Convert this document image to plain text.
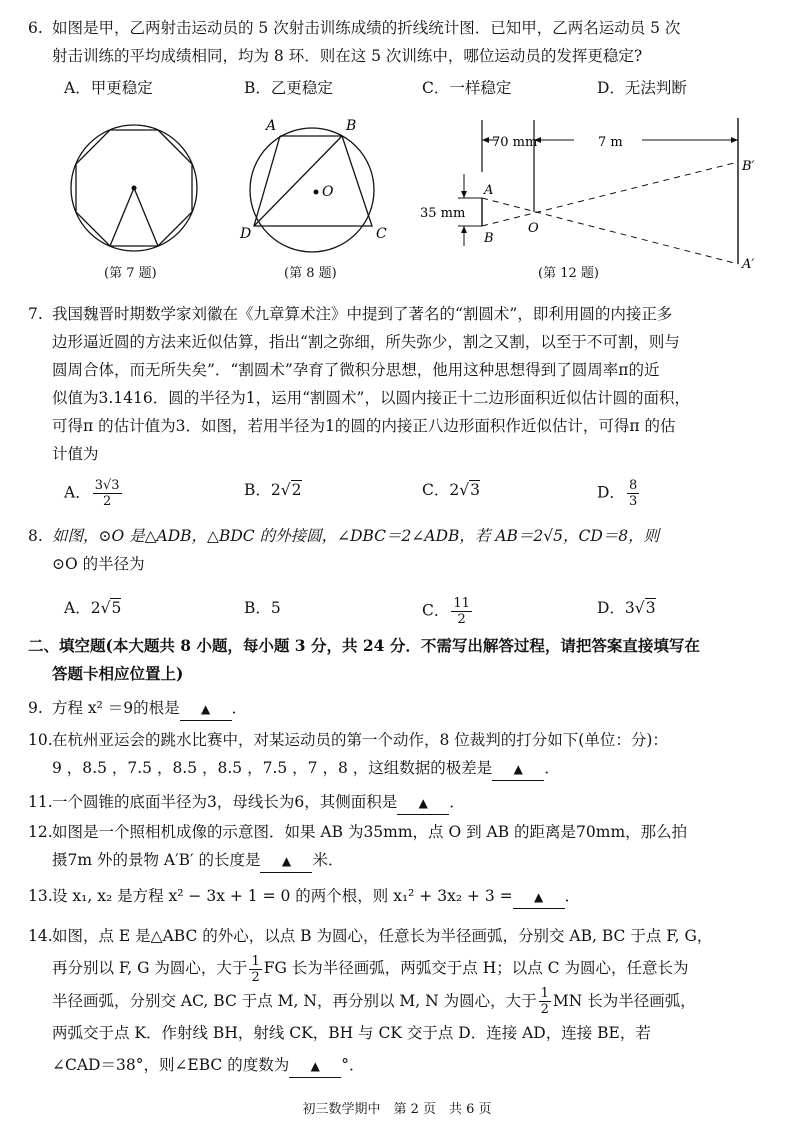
6. 如图是甲，乙两射击运动员的 5 次射击训练成绩的折线统计图．已知甲，乙两名运动员 5 次
射击训练的平均成绩相同，均为 8 环．则在这 5 次训练中，哪位运动员的发挥更稳定?
A．甲更稳定	B．乙更稳定	C．一样稳定	D．无法判断
(第 7 题)
A	B
C
D
O
(第 8 题)
70 mm	7 m
35 mm
A
B
O
B′
A′
(第 12 题)
7. 我国魏晋时期数学家刘徽在《九章算术注》中提到了著名的“割圆术”，即利用圆的内接正多
边形逼近圆的方法来近似估算，指出“割之弥细，所失弥少，割之又割，以至于不可割，则与
圆周合体，而无所失矣”．“割圆术”孕育了微积分思想，他用这种思想得到了圆周率π的近
似值为3.1416．圆的半径为1，运用“割圆术”，以圆内接正十二边形面积近似估计圆的面积，
可得π 的估计值为3．如图，若用半径为1的圆的内接正八边形面积作近似估计，可得π 的估
计值为
A． $\frac{3√3}{2}$	B．2√2	C．2√3	D． $\frac{8}{3}$
8. 如图，⊙O 是△ADB，△BDC 的外接圆，∠DBC＝2∠ADB，若 AB＝2√5，CD＝8，则
⊙O 的半径为
A．2√5	B．5	C． $\frac{11}{2}$	D．3√3
二、填空题(本大题共 8 小题，每小题 3 分，共 24 分．不需写出解答过程，请把答案直接填写在
答题卡相应位置上)
9. 方程 x² ＝9的根是 ▲ ．
10.在杭州亚运会的跳水比赛中，对某运动员的第一个动作，8 位裁判的打分如下(单位：分)：
9 ，8.5 ，7.5 ，8.5 ，8.5 ，7.5 ，7 ，8 ，这组数据的极差是 ▲ ．
11.一个圆锥的底面半径为3，母线长为6，其侧面积是 ▲ ．
12.如图是一个照相机成像的示意图．如果 AB 为35mm，点 O 到 AB 的距离是70mm，那么拍
摄7m 外的景物 A′B′ 的长度是 ▲ 米．
13.设 x₁, x₂ 是方程 x² − 3x + 1 = 0 的两个根，则 x₁² + 3x₂ + 3 = ▲ ．
14.如图，点 E 是△ABC 的外心，以点 B 为圆心，任意长为半径画弧，分别交 AB, BC 于点 F, G，
再分别以 F, G 为圆心，大于 $\frac{1}{2}$ FG 长为半径画弧，两弧交于点 H；以点 C 为圆心，任意长为
半径画弧，分别交 AC, BC 于点 M, N，再分别以 M, N 为圆心，大于 $\frac{1}{2}$ MN 长为半径画弧，
两弧交于点 K．作射线 BH，射线 CK，BH 与 CK 交于点 D．连接 AD，连接 BE，若
∠CAD＝38°，则∠EBC 的度数为 ▲ °．
初三数学期中　第 2 页　共 6 页
